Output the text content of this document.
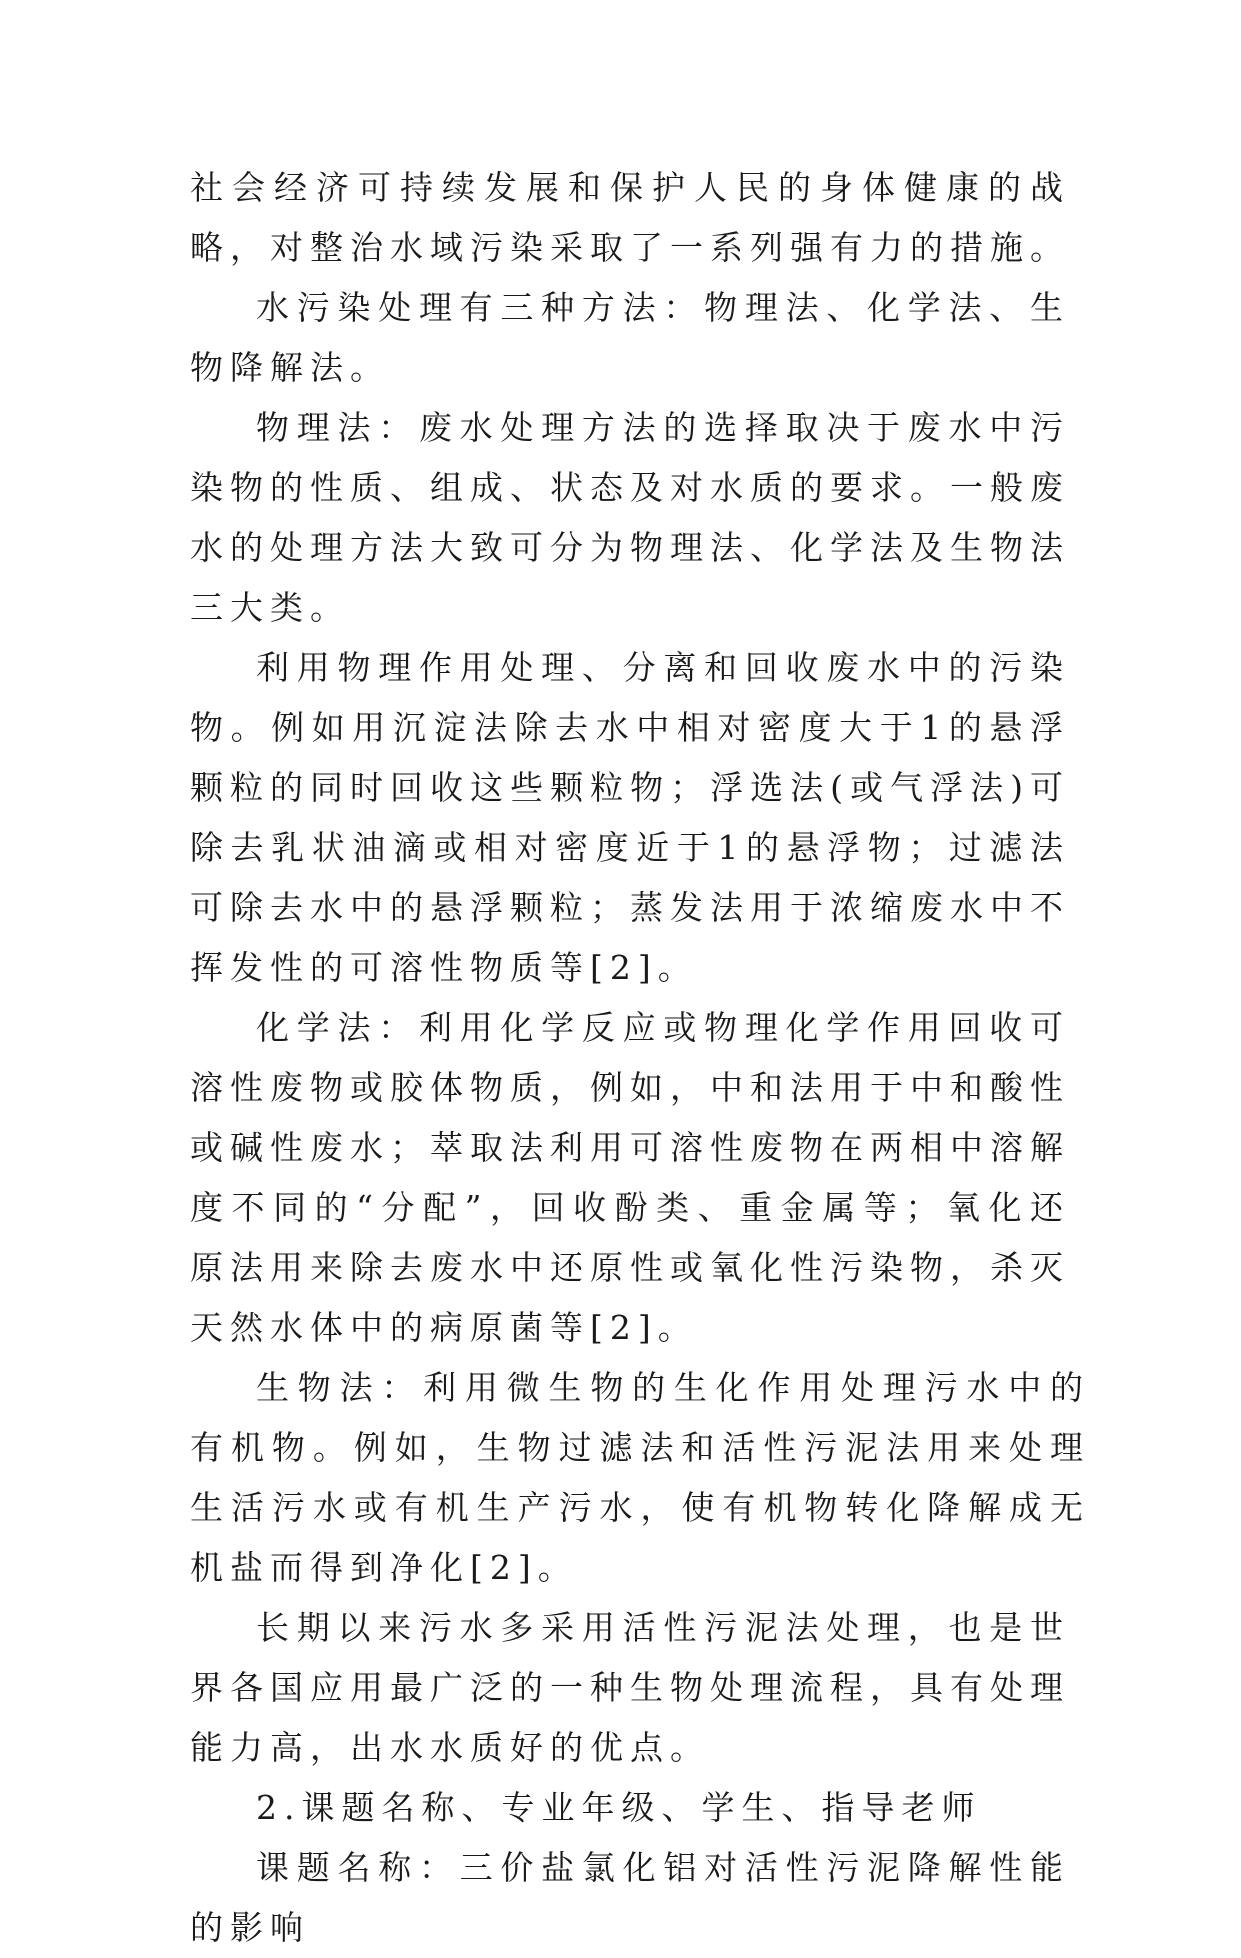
社会经济可持续发展和保护人民的身体健康的战略，对整治水域污染采取了一系列强有力的措施。

水污染处理有三种方法：物理法、化学法、生物降解法。

物理法：废水处理方法的选择取决于废水中污染物的性质、组成、状态及对水质的要求。一般废水的处理方法大致可分为物理法、化学法及生物法三大类。

利用物理作用处理、分离和回收废水中的污染物。例如用沉淀法除去水中相对密度大于1的悬浮颗粒的同时回收这些颗粒物；浮选法(或气浮法)可除去乳状油滴或相对密度近于1的悬浮物；过滤法可除去水中的悬浮颗粒；蒸发法用于浓缩废水中不挥发性的可溶性物质等[2]。

化学法：利用化学反应或物理化学作用回收可溶性废物或胶体物质，例如，中和法用于中和酸性或碱性废水；萃取法利用可溶性废物在两相中溶解度不同的“分配”，回收酚类、重金属等；氧化还原法用来除去废水中还原性或氧化性污染物，杀灭天然水体中的病原菌等[2]。

生物法：利用微生物的生化作用处理污水中的有机物。例如，生物过滤法和活性污泥法用来处理生活污水或有机生产污水，使有机物转化降解成无机盐而得到净化[2]。

长期以来污水多采用活性污泥法处理，也是世界各国应用最广泛的一种生物处理流程，具有处理能力高，出水水质好的优点。

2.课题名称、专业年级、学生、指导老师

课题名称：三价盐氯化铝对活性污泥降解性能的影响
